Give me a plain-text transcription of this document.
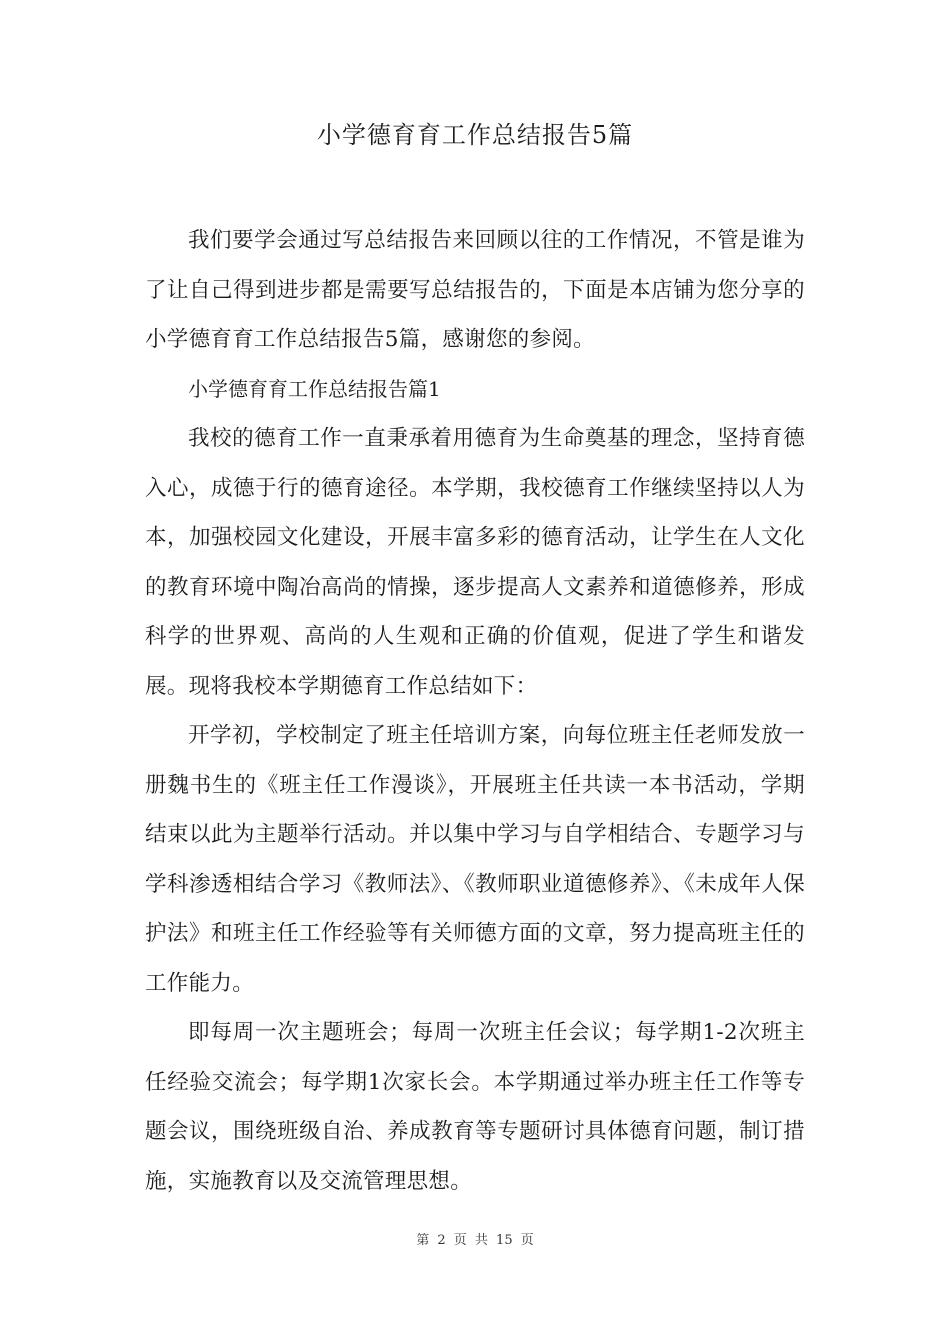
小学德育育工作总结报告5篇

我们要学会通过写总结报告来回顾以往的工作情况，不管是谁为了让自己得到进步都是需要写总结报告的，下面是本店铺为您分享的小学德育育工作总结报告5篇，感谢您的参阅。

小学德育育工作总结报告篇1

我校的德育工作一直秉承着用德育为生命奠基的理念，坚持育德入心，成德于行的德育途径。本学期，我校德育工作继续坚持以人为本，加强校园文化建设，开展丰富多彩的德育活动，让学生在人文化的教育环境中陶冶高尚的情操，逐步提高人文素养和道德修养，形成科学的世界观、高尚的人生观和正确的价值观，促进了学生和谐发展。现将我校本学期德育工作总结如下：

开学初，学校制定了班主任培训方案，向每位班主任老师发放一册魏书生的《班主任工作漫谈》，开展班主任共读一本书活动，学期结束以此为主题举行活动。并以集中学习与自学相结合、专题学习与学科渗透相结合学习《教师法》、《教师职业道德修养》、《未成年人保护法》和班主任工作经验等有关师德方面的文章，努力提高班主任的工作能力。

即每周一次主题班会；每周一次班主任会议；每学期1-2次班主任经验交流会；每学期1次家长会。本学期通过举办班主任工作等专题会议，围绕班级自治、养成教育等专题研讨具体德育问题，制订措施，实施教育以及交流管理思想。

第 2 页 共 15 页
